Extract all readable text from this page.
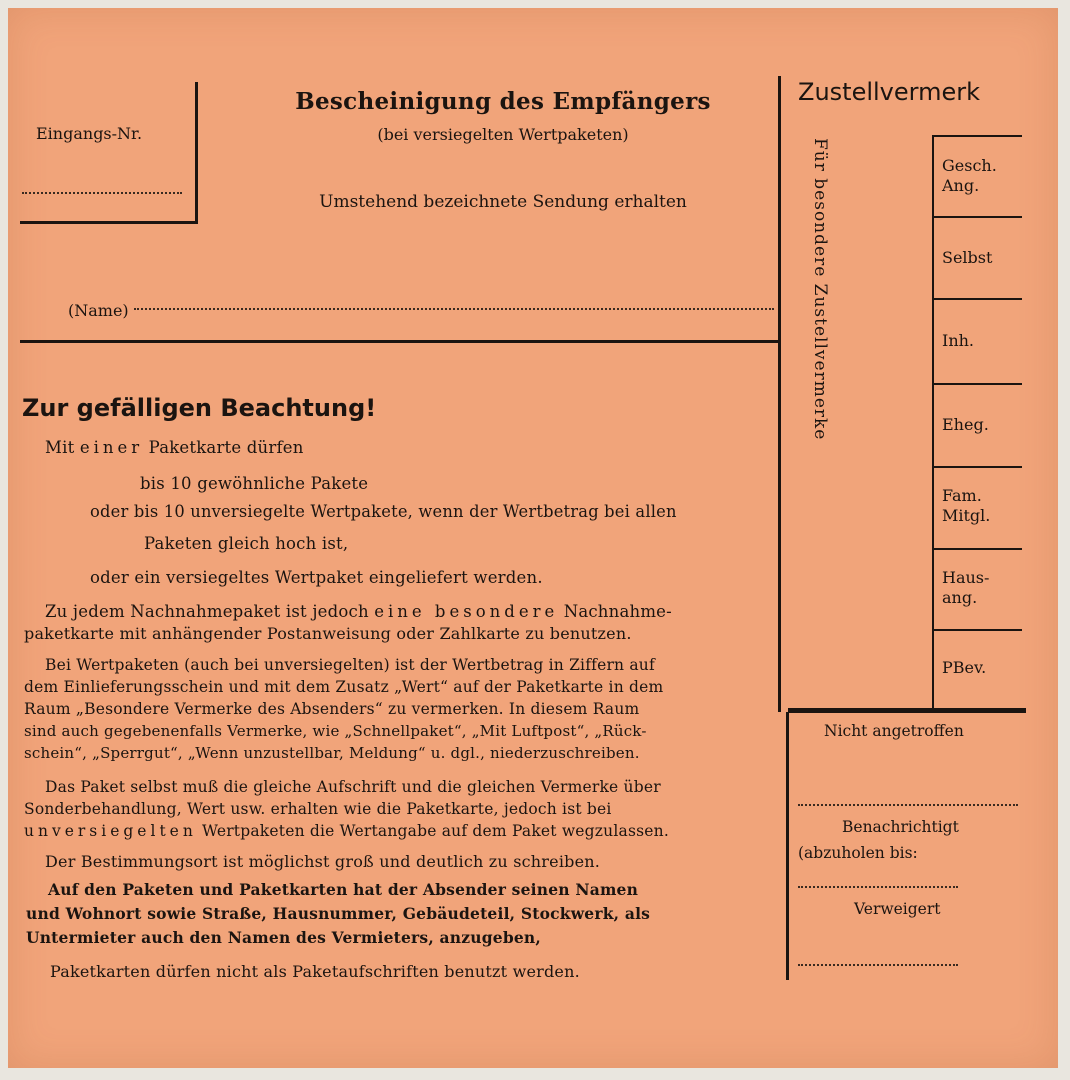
Eingangs-Nr.
Bescheinigung des Empfängers
(bei versiegelten Wertpaketen)
Umstehend bezeichnete Sendung erhalten
(Name)
Zustellvermerk
Für besondere Zustellvermerke	Gesch.
Ang.
Selbst
Inh.
Eheg.
Fam.
Mitgl.
Haus-
ang.
PBev.
Nicht angetroffen
Benachrichtigt
(abzuholen bis:
Verweigert
Zur gefälligen Beachtung!
Mit einer Paketkarte dürfen
bis 10 gewöhnliche Pakete
oder bis 10 unversiegelte Wertpakete, wenn der Wertbetrag bei allen
Paketen gleich hoch ist,
oder ein versiegeltes Wertpaket eingeliefert werden.
Zu jedem Nachnahmepaket ist jedoch eine besondere Nachnahme-
paketkarte mit anhängender Postanweisung oder Zahlkarte zu benutzen.
Bei Wertpaketen (auch bei unversiegelten) ist der Wertbetrag in Ziffern auf
dem Einlieferungsschein und mit dem Zusatz „Wert“ auf der Paketkarte in dem
Raum „Besondere Vermerke des Absenders“ zu vermerken. In diesem Raum
sind auch gegebenenfalls Vermerke, wie „Schnellpaket“, „Mit Luftpost“, „Rück-
schein“, „Sperrgut“, „Wenn unzustellbar, Meldung“ u. dgl., niederzuschreiben.
Das Paket selbst muß die gleiche Aufschrift und die gleichen Vermerke über
Sonderbehandlung, Wert usw. erhalten wie die Paketkarte, jedoch ist bei
unversiegelten Wertpaketen die Wertangabe auf dem Paket wegzulassen.
Der Bestimmungsort ist möglichst groß und deutlich zu schreiben.
Auf den Paketen und Paketkarten hat der Absender seinen Namen
und Wohnort sowie Straße, Hausnummer, Gebäudeteil, Stockwerk, als
Untermieter auch den Namen des Vermieters, anzugeben,
Paketkarten dürfen nicht als Paketaufschriften benutzt werden.
